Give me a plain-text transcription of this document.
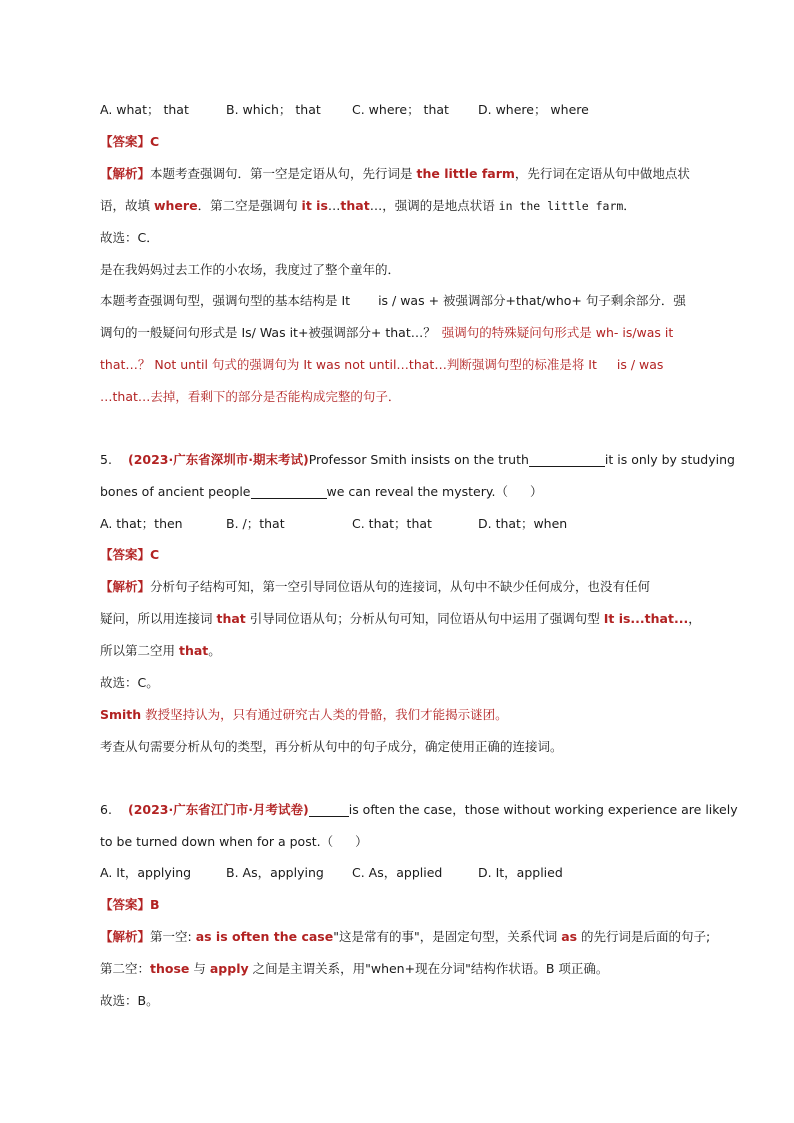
A. what； that	B. which； that C. where； that D. where； where
【答案】C
【解析】本题考查强调句．第一空是定语从句，先行词是 the little farm，先行词在定语从句中做地点状
语，故填 where．第二空是强调句 it is…that…，强调的是地点状语 in the little farm．
故选：C．
是在我妈妈过去工作的小农场，我度过了整个童年的．
本题考查强调句型，强调句型的基本结构是 It is / was + 被强调部分+that/who+ 句子剩余部分．强
调句的一般疑问句形式是 Is/ Was it+被强调部分+ that…？ 强调句的特殊疑问句形式是 wh- is/was it
that…？ Not until 句式的强调句为 It was not until…that…判断强调句型的标准是将 It is / was
…that…去掉，看剩下的部分是否能构成完整的句子．
5. (2023·广东省深圳市·期末考试)Professor Smith insists on the truth	it is only by studying
bones of ancient people	we can reveal the mystery.（ ）
A. that；then	B. /；that	C. that；that	D. that；when
【答案】C
【解析】分析句子结构可知，第一空引导同位语从句的连接词，从句中不缺少任何成分，也没有任何
疑问，所以用连接词 that 引导同位语从句；分析从句可知，同位语从句中运用了强调句型 It is...that...，
所以第二空用 that。
故选：C。
Smith 教授坚持认为，只有通过研究古人类的骨骼，我们才能揭示谜团。
考查从句需要分析从句的类型，再分析从句中的句子成分，确定使用正确的连接词。
6. (2023·广东省江门市·月考试卷)	is often the case，those without working experience are likely
to be turned down when for a post.（ ）
A. It，applying	B. As，applying C. As，applied	D. It，applied
【答案】B
【解析】第一空: as is often the case"这是常有的事"，是固定句型，关系代词 as 的先行词是后面的句子;
第二空：those 与 apply 之间是主谓关系，用"when+现在分词"结构作状语。B 项正确。
故选：B。
